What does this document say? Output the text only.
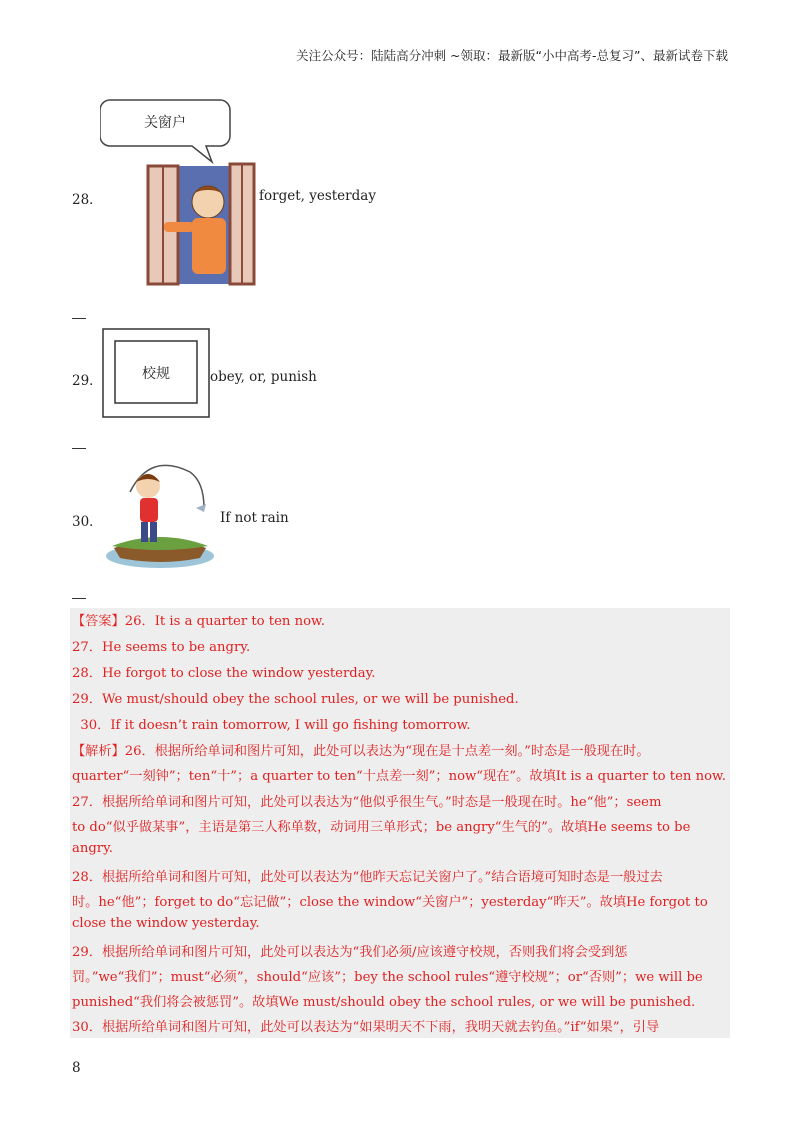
关注公众号：陆陆高分冲刺 ~领取：最新版“小中高考-总复习”、最新试卷下载
关窗户
28．	forget, yesterday
校规
29．	obey, or, punish
30．	If not rain
【答案】26．It is a quarter to ten now.
27．He seems to be angry.
28．He forgot to close the window yesterday.
29．We must/should obey the school rules, or we will be punished.
30．If it doesn’t rain tomorrow, I will go fishing tomorrow.
【解析】26．根据所给单词和图片可知，此处可以表达为“现在是十点差一刻。”时态是一般现在时。
quarter“一刻钟”；ten“十”；a quarter to ten“十点差一刻”；now“现在”。故填It is a quarter to ten now.
27．根据所给单词和图片可知，此处可以表达为“他似乎很生气。”时态是一般现在时。he“他”；seem
to do“似乎做某事”，主语是第三人称单数，动词用三单形式；be angry“生气的”。故填He seems to be
angry.
28．根据所给单词和图片可知，此处可以表达为“他昨天忘记关窗户了。”结合语境可知时态是一般过去
时。he“他”；forget to do“忘记做”；close the window“关窗户”；yesterday“昨天”。故填He forgot to
close the window yesterday.
29．根据所给单词和图片可知，此处可以表达为“我们必须/应该遵守校规，否则我们将会受到惩
罚。”we“我们”；must“必须”，should“应该”；bey the school rules“遵守校规”；or“否则”；we will be
punished“我们将会被惩罚”。故填We must/should obey the school rules, or we will be punished.
30．根据所给单词和图片可知，此处可以表达为“如果明天不下雨，我明天就去钓鱼。”if“如果”，引导
8
